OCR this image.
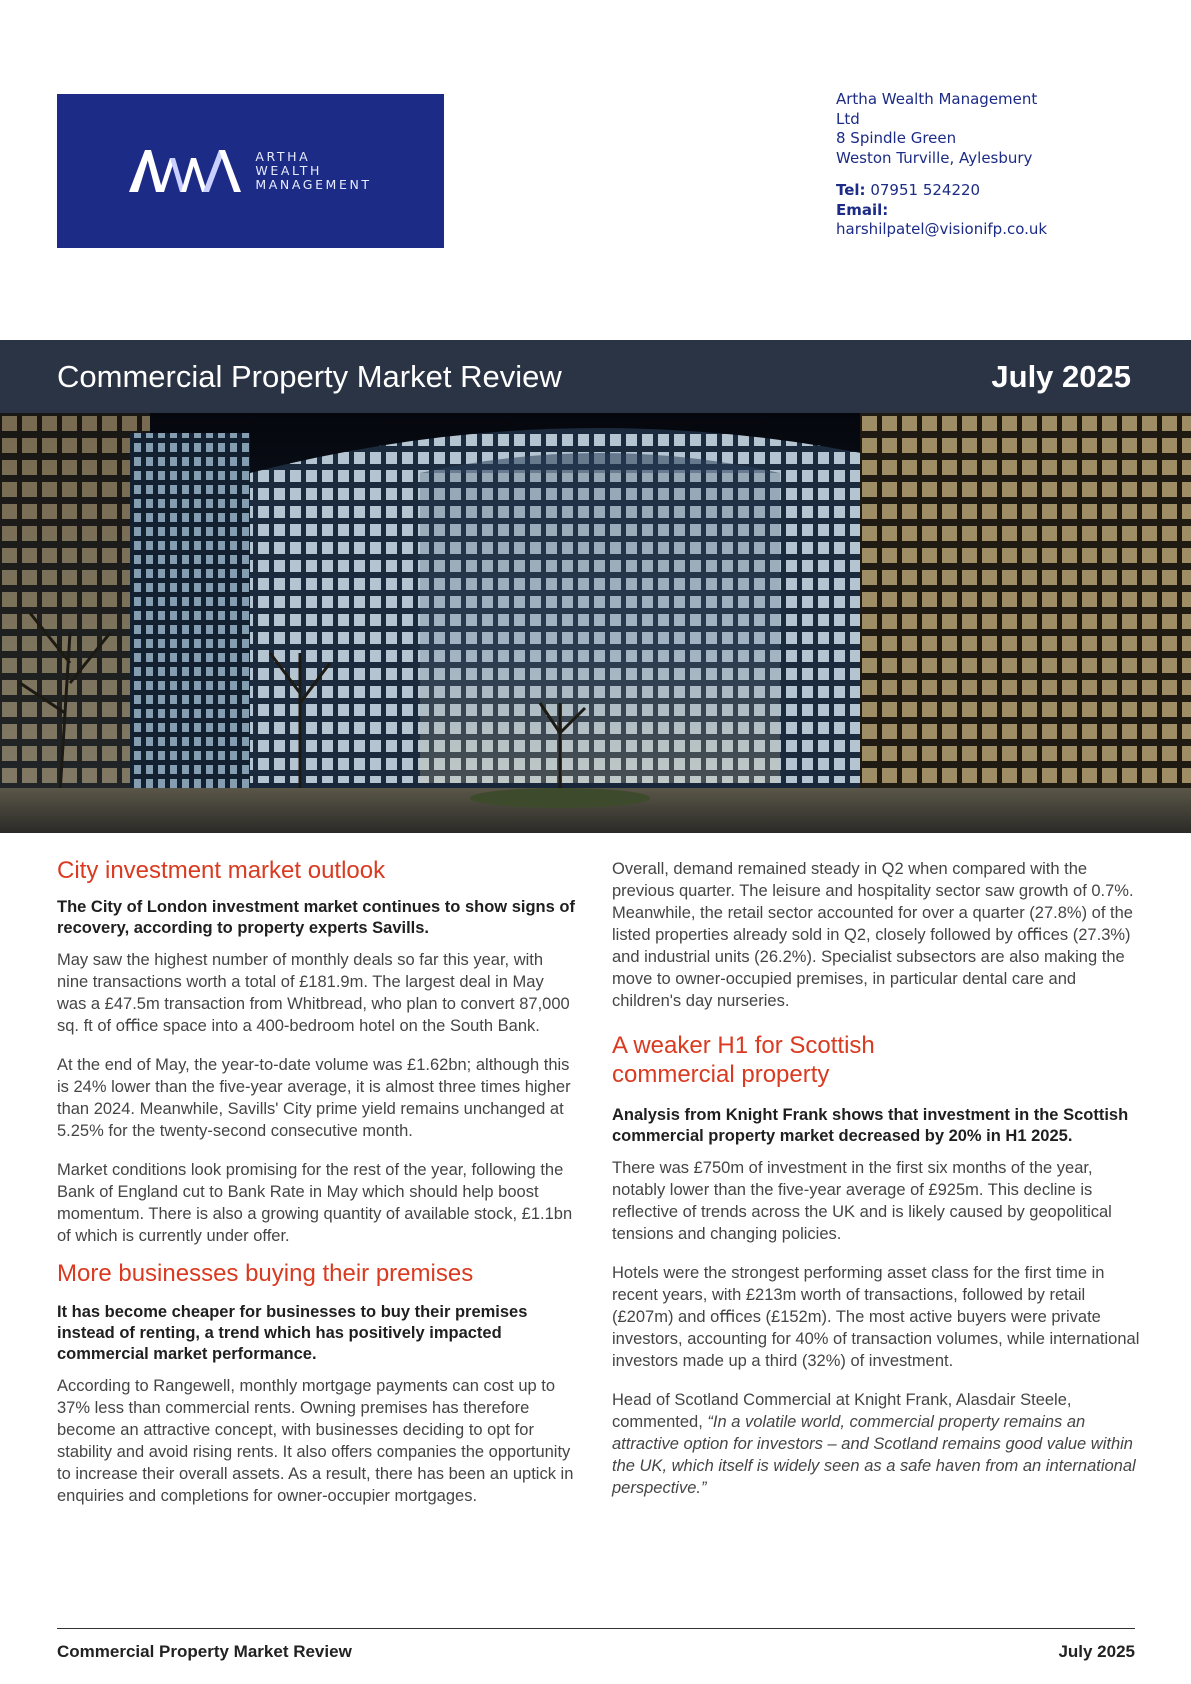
ARTHA
WEALTH
MANAGEMENT
Artha Wealth Management
Ltd
8 Spindle Green
Weston Turville, Aylesbury
Tel: 07951 524220
Email:
harshilpatel@visionifp.co.uk
Commercial Property Market Review	July 2025
City investment market outlook
The City of London investment market continues to show signs of recovery, according to property experts Savills.

May saw the highest number of monthly deals so far this year, with nine transactions worth a total of £181.9m. The largest deal in May was a £47.5m transaction from Whitbread, who plan to convert 87,000 sq. ft of oﬃce space into a 400-bedroom hotel on the South Bank.

At the end of May, the year-to-date volume was £1.62bn; although this is 24% lower than the five-year average, it is almost three times higher than 2024. Meanwhile, Savills' City prime yield remains unchanged at 5.25% for the twenty-second consecutive month.

Market conditions look promising for the rest of the year, following the Bank of England cut to Bank Rate in May which should help boost momentum. There is also a growing quantity of available stock, £1.1bn of which is currently under offer.

More businesses buying their premises
It has become cheaper for businesses to buy their premises instead of renting, a trend which has positively impacted commercial market performance.

According to Rangewell, monthly mortgage payments can cost up to 37% less than commercial rents. Owning premises has therefore become an attractive concept, with businesses deciding to opt for stability and avoid rising rents. It also offers companies the opportunity to increase their overall assets. As a result, there has been an uptick in enquiries and completions for owner-occupier mortgages.

Overall, demand remained steady in Q2 when compared with the previous quarter. The leisure and hospitality sector saw growth of 0.7%. Meanwhile, the retail sector accounted for over a quarter (27.8%) of the listed properties already sold in Q2, closely followed by oﬃces (27.3%) and industrial units (26.2%). Specialist subsectors are also making the move to owner-occupied premises, in particular dental care and children's day nurseries.

A weaker H1 for Scottish
commercial property
Analysis from Knight Frank shows that investment in the Scottish commercial property market decreased by 20% in H1 2025.

There was £750m of investment in the first six months of the year, notably lower than the five-year average of £925m. This decline is reflective of trends across the UK and is likely caused by geopolitical tensions and changing policies.

Hotels were the strongest performing asset class for the first time in recent years, with £213m worth of transactions, followed by retail (£207m) and oﬃces (£152m). The most active buyers were private investors, accounting for 40% of transaction volumes, while international investors made up a third (32%) of investment.

Head of Scotland Commercial at Knight Frank, Alasdair Steele, commented, “In a volatile world, commercial property remains an attractive option for investors – and Scotland remains good value within the UK, which itself is widely seen as a safe haven from an international perspective.”

Commercial Property Market Review	July 2025
